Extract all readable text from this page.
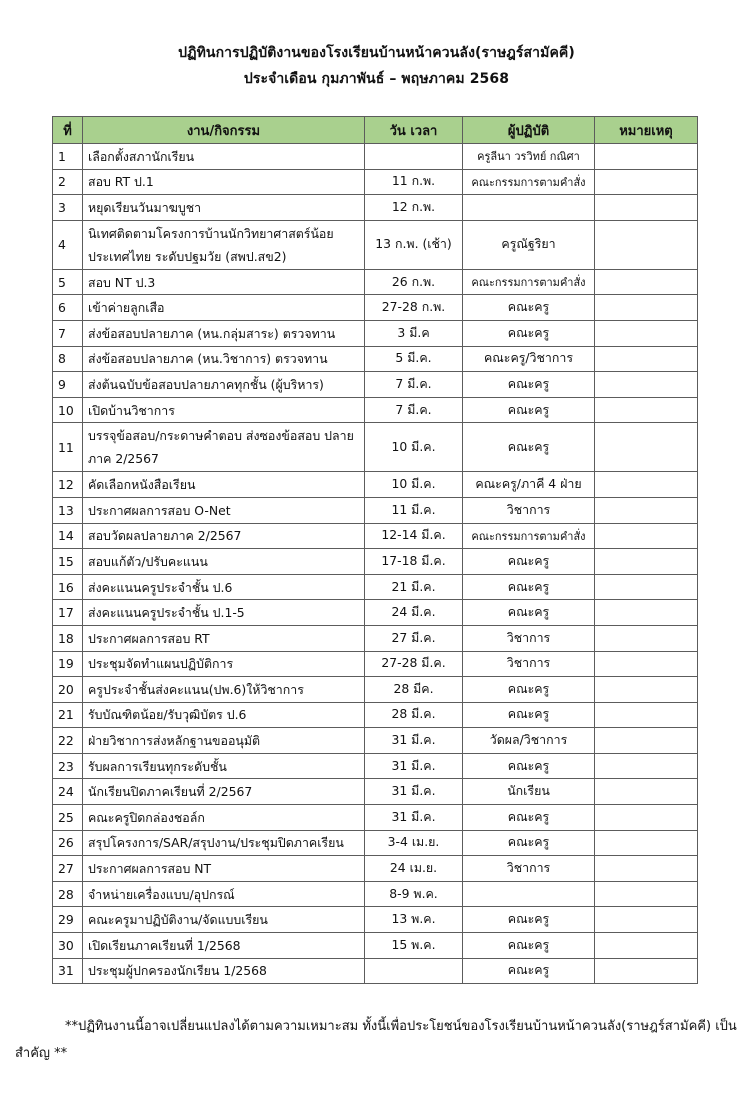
ปฏิทินการปฏิบัติงานของโรงเรียนบ้านหน้าควนลัง(ราษฎร์สามัคคี)
ประจำเดือน กุมภาพันธ์ – พฤษภาคม 2568
ที่	งาน/กิจกรรม	วัน เวลา	ผู้ปฏิบัติ	หมายเหตุ
1	เลือกตั้งสภานักเรียน		ครูลีนา วรวิทย์ กณิศา	
2	สอบ RT ป.1	11 ก.พ.	คณะกรรมการตามคำสั่ง	
3	หยุดเรียนวันมาฆบูชา	12 ก.พ.		
4	นิเทศติดตามโครงการบ้านนักวิทยาศาสตร์น้อยประเทศไทย ระดับปฐมวัย (สพป.สข2)	13 ก.พ. (เช้า)	ครูณัฐริยา	
5	สอบ NT ป.3	26 ก.พ.	คณะกรรมการตามคำสั่ง	
6	เข้าค่ายลูกเสือ	27-28 ก.พ.	คณะครู	
7	ส่งข้อสอบปลายภาค (หน.กลุ่มสาระ) ตรวจทาน	3 มี.ค	คณะครู	
8	ส่งข้อสอบปลายภาค (หน.วิชาการ) ตรวจทาน	5 มี.ค.	คณะครู/วิชาการ	
9	ส่งต้นฉบับข้อสอบปลายภาคทุกชั้น (ผู้บริหาร)	7 มี.ค.	คณะครู	
10	เปิดบ้านวิชาการ	7 มี.ค.	คณะครู	
11	บรรจุข้อสอบ/กระดาษคำตอบ ส่งซองข้อสอบ ปลายภาค 2/2567	10 มี.ค.	คณะครู	
12	คัดเลือกหนังสือเรียน	10 มี.ค.	คณะครู/ภาคี 4 ฝ่าย	
13	ประกาศผลการสอบ O-Net	11 มี.ค.	วิชาการ	
14	สอบวัดผลปลายภาค 2/2567	12-14 มี.ค.	คณะกรรมการตามคำสั่ง	
15	สอบแก้ตัว/ปรับคะแนน	17-18 มี.ค.	คณะครู	
16	ส่งคะแนนครูประจำชั้น ป.6	21 มี.ค.	คณะครู	
17	ส่งคะแนนครูประจำชั้น ป.1-5	24 มี.ค.	คณะครู	
18	ประกาศผลการสอบ RT	27 มี.ค.	วิชาการ	
19	ประชุมจัดทำแผนปฏิบัติการ	27-28 มี.ค.	วิชาการ	
20	ครูประจำชั้นส่งคะแนน(ปพ.6)ให้วิชาการ	28 มีค.	คณะครู	
21	รับบัณฑิตน้อย/รับวุฒิบัตร ป.6	28 มี.ค.	คณะครู	
22	ฝ่ายวิชาการส่งหลักฐานขออนุมัติ	31 มี.ค.	วัดผล/วิชาการ	
23	รับผลการเรียนทุกระดับชั้น	31 มี.ค.	คณะครู	
24	นักเรียนปิดภาคเรียนที่ 2/2567	31 มี.ค.	นักเรียน	
25	คณะครูปิดกล่องชอล์ก	31 มี.ค.	คณะครู	
26	สรุปโครงการ/SAR/สรุปงาน/ประชุมปิดภาคเรียน	3-4 เม.ย.	คณะครู	
27	ประกาศผลการสอบ NT	24 เม.ย.	วิชาการ	
28	จำหน่ายเครื่องแบบ/อุปกรณ์	8-9 พ.ค.		
29	คณะครูมาปฏิบัติงาน/จัดแบบเรียน	13 พ.ค.	คณะครู	
30	เปิดเรียนภาคเรียนที่ 1/2568	15 พ.ค.	คณะครู	
31	ประชุมผู้ปกครองนักเรียน 1/2568		คณะครู	
**ปฏิทินงานนี้อาจเปลี่ยนแปลงได้ตามความเหมาะสม ทั้งนี้เพื่อประโยชน์ของโรงเรียนบ้านหน้าควนลัง(ราษฎร์สามัคคี) เป็นสำคัญ **
